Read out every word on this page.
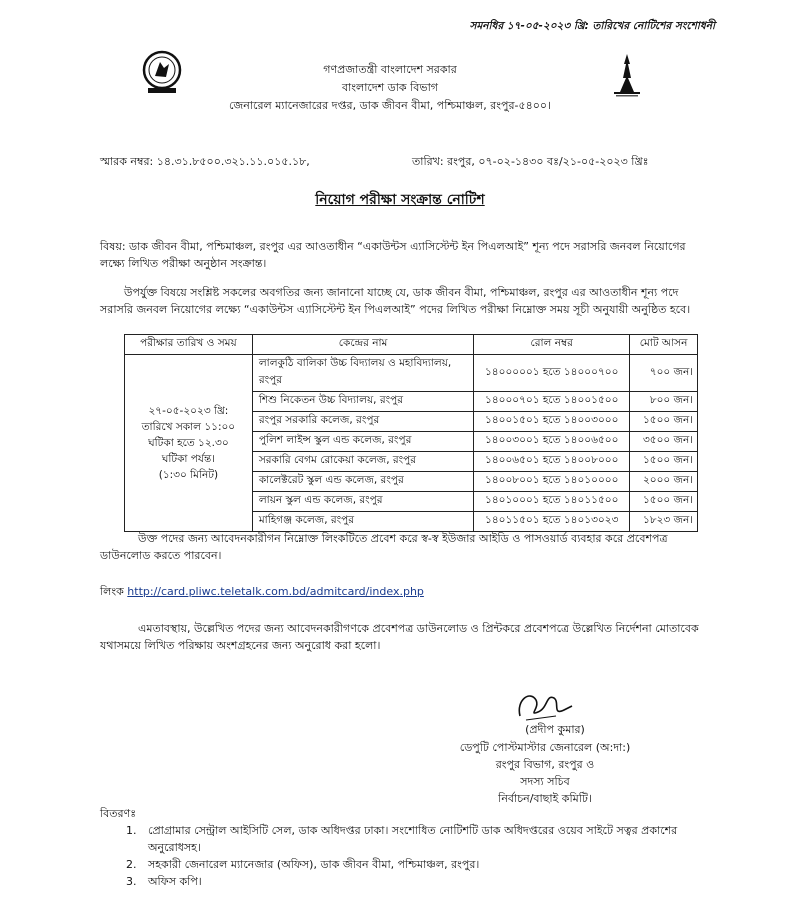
সমনধির ১৭-০৫-২০২৩ খ্রি: তারিখের নোটিশের সংশোধনী
গণপ্রজাতন্ত্রী বাংলাদেশ সরকার
বাংলাদেশ ডাক বিভাগ
জেনারেল ম্যানেজারের দপ্তর, ডাক জীবন বীমা, পশ্চিমাঞ্চল, রংপুর-৫৪০০।
স্মারক নম্বর: ১৪.৩১.৮৫০০.৩২১.১১.০১৫.১৮,	তারিখ: রংপুর, ০৭-০২-১৪৩০ বঃ/২১-০৫-২০২৩ খ্রিঃ
নিয়োগ পরীক্ষা সংক্রান্ত নোটিশ
বিষয়: ডাক জীবন বীমা, পশ্চিমাঞ্চল, রংপুর এর আওতাধীন “একাউন্টস এ্যাসিস্টেন্ট ইন পিএলআই” শূন্য পদে সরাসরি জনবল নিয়োগের লক্ষ্যে লিখিত পরীক্ষা অনুষ্ঠান সংক্রান্ত।
উপর্যুক্ত বিষয়ে সংশ্লিষ্ট সকলের অবগতির জন্য জানানো যাচ্ছে যে, ডাক জীবন বীমা, পশ্চিমাঞ্চল, রংপুর এর আওতাধীন শূন্য পদে সরাসরি জনবল নিয়োগের লক্ষ্যে “একাউন্টস এ্যাসিস্টেন্ট ইন পিএলআই” পদের লিখিত পরীক্ষা নিম্নোক্ত সময় সূচী অনুযায়ী অনুষ্ঠিত হবে।
পরীক্ষার তারিখ ও সময়	কেন্দ্রের নাম	রোল নম্বর	মোট আসন

২৭-০৫-২০২৩ খ্রি:
তারিখে সকাল ১১:০০
ঘটিকা হতে ১২.৩০
ঘটিকা পর্যন্ত।
(১:৩০ মিনিট)	লালকুঠি বালিকা উচ্চ বিদ্যালয় ও মহাবিদ্যালয়, রংপুর	১৪০০০০০১ হতে ১৪০০০৭০০	৭০০ জন।
	শিশু নিকেতন উচ্চ বিদ্যালয়, রংপুর	১৪০০০৭০১ হতে ১৪০০১৫০০	৮০০ জন।
	রংপুর সরকারি কলেজ, রংপুর	১৪০০১৫০১ হতে ১৪০০৩০০০	১৫০০ জন।
	পুলিশ লাইন্স স্কুল এন্ড কলেজ, রংপুর	১৪০০৩০০১ হতে ১৪০০৬৫০০	৩৫০০ জন।
	সরকারি বেগম রোকেয়া কলেজ, রংপুর	১৪০০৬৫০১ হতে ১৪০০৮০০০	১৫০০ জন।
	কালেক্টরেট স্কুল এন্ড কলেজ, রংপুর	১৪০০৮০০১ হতে ১৪০১০০০০	২০০০ জন।
	লায়ন স্কুল এন্ড কলেজ, রংপুর	১৪০১০০০১ হতে ১৪০১১৫০০	১৫০০ জন।
	মাহিগঞ্জ কলেজ, রংপুর	১৪০১১৫০১ হতে ১৪০১৩০২৩	১৮২৩ জন।
উক্ত পদের জন্য আবেদনকারীগন নিম্নোক্ত লিংকটিতে প্রবেশ করে স্ব-স্ব ইউজার আইডি ও পাসওয়ার্ড ব্যবহার করে প্রবেশপত্র ডাউনলোড করতে পারবেন।
লিংক http://card.pliwc.teletalk.com.bd/admitcard/index.php
এমতাবস্থায়, উল্লেখিত পদের জন্য আবেদনকারীগণকে প্রবেশপত্র ডাউনলোড ও প্রিন্টকরে প্রবেশপত্রে উল্লেখিত নির্দেশনা মোতাবেক যথাসময়ে লিখিত পরিক্ষায় অংশগ্রহনের জন্য অনুরোধ করা হলো।
(প্রদীপ কুমার)
ডেপুটি পোস্টমাস্টার জেনারেল (অ:দা:)
রংপুর বিভাগ, রংপুর ও
সদস্য সচিব
নির্বাচন/বাছাই কমিটি।
বিতরণঃ
1. প্রোগ্রামার সেন্ট্রাল আইসিটি সেল, ডাক অধিদপ্তর ঢাকা। সংশোধিত নোটিশটি ডাক অধিদপ্তরের ওয়েব সাইটে সত্বর প্রকাশের অনুরোধসহ।
2. সহকারী জেনারেল ম্যানেজার (অফিস), ডাক জীবন বীমা, পশ্চিমাঞ্চল, রংপুর।
3. অফিস কপি।
